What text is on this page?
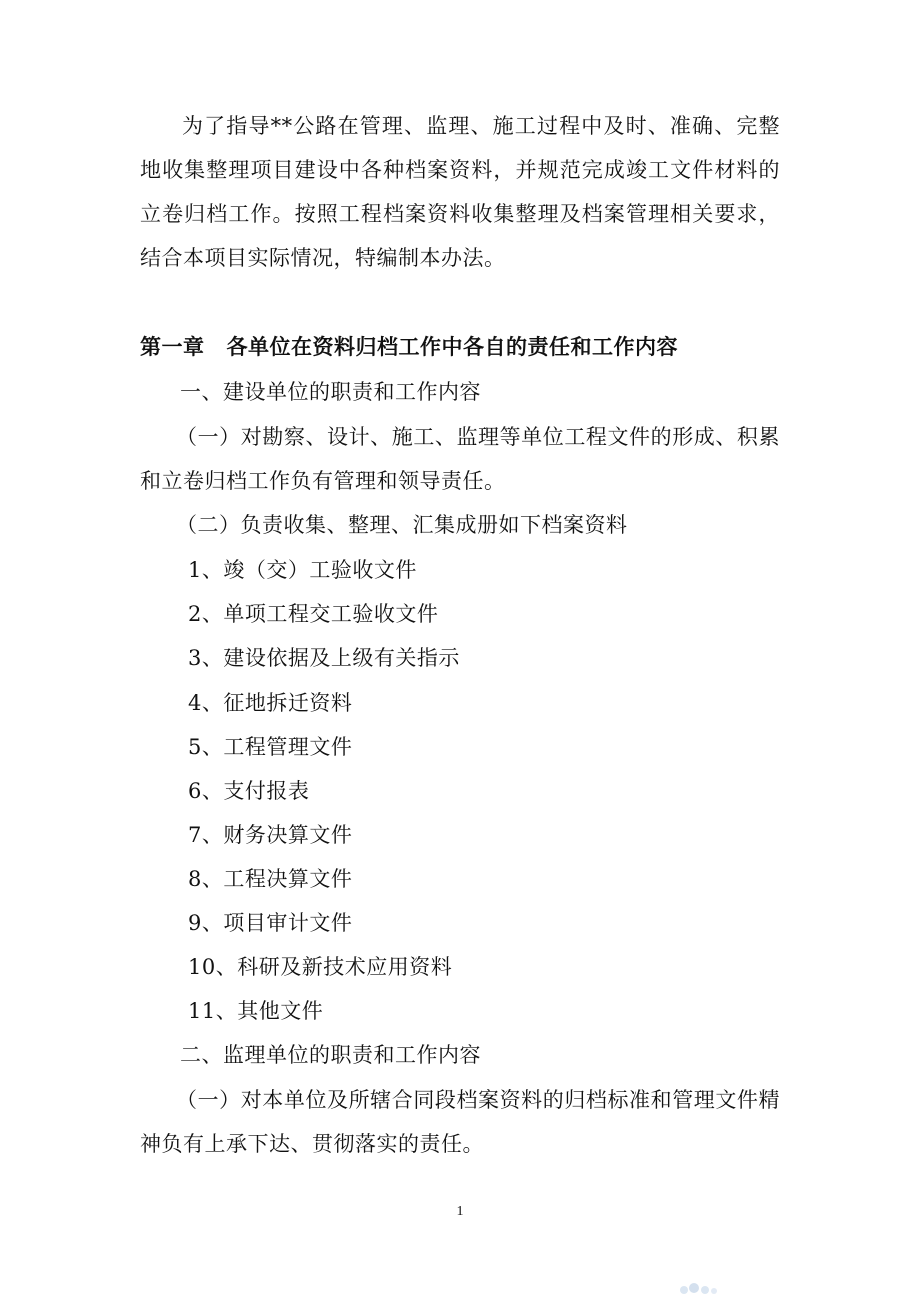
为了指导**公路在管理、监理、施工过程中及时、准确、完整地收集整理项目建设中各种档案资料，并规范完成竣工文件材料的立卷归档工作。按照工程档案资料收集整理及档案管理相关要求，结合本项目实际情况，特编制本办法。

第一章 各单位在资料归档工作中各自的责任和工作内容

一、建设单位的职责和工作内容

（一）对勘察、设计、施工、监理等单位工程文件的形成、积累和立卷归档工作负有管理和领导责任。

（二）负责收集、整理、汇集成册如下档案资料

1、竣（交）工验收文件

2、单项工程交工验收文件

3、建设依据及上级有关指示

4、征地拆迁资料

5、工程管理文件

6、支付报表

7、财务决算文件

8、工程决算文件

9、项目审计文件

10、科研及新技术应用资料

11、其他文件

二、监理单位的职责和工作内容

（一）对本单位及所辖合同段档案资料的归档标准和管理文件精神负有上承下达、贯彻落实的责任。

1
